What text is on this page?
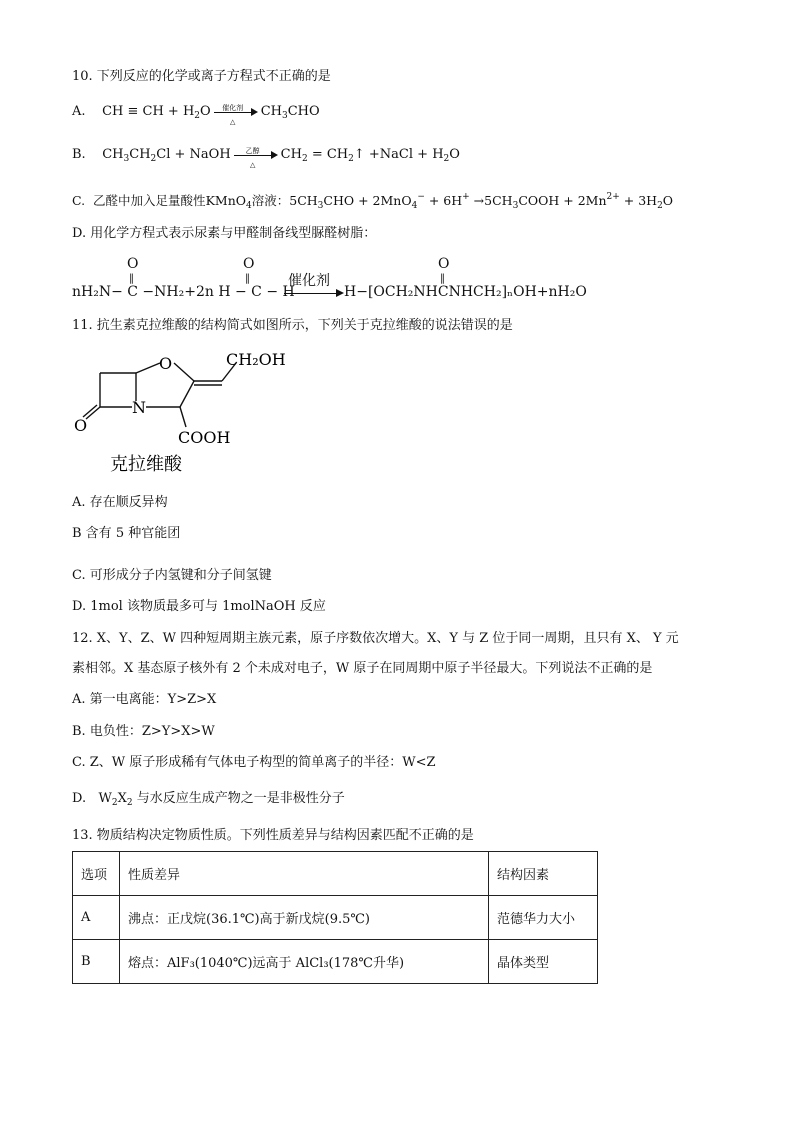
10. 下列反应的化学或离子方程式不正确的是
A. CH ≡ CH + $H_2O$	催化剂
△
$CH_3CHO$
B. $CH_3CH_2Cl$ + NaOH	乙醇
△
$CH_2$ = $CH_2↑$ +NaCl + $H_2O$
C. 乙醛中加入足量酸性KMnO$_4$溶液：$5CH_3CHO + 2MnO_4^- + 6H^+$ $\to 5CH_3COOH + 2Mn^{2+} + 3H_2O$
D. 用化学方程式表示尿素与甲醛制备线型脲醛树脂：
O
‖
O
‖
O
‖
nH₂N− C −NH₂+2n H − C − H
催化剂
H−[OCH₂NHCNHCH₂]ₙOH+nH₂O
11. 抗生素克拉维酸的结构简式如图所示，下列关于克拉维酸的说法错误的是
O	CH₂OH
N
O
COOH
克拉维酸
A. 存在顺反异构
B 含有 5 种官能团
C. 可形成分子内氢键和分子间氢键
D. 1mol 该物质最多可与 1molNaOH 反应
12. X、Y、Z、W 四种短周期主族元素，原子序数依次增大。X、Y 与 Z 位于同一周期，且只有 X、 Y 元
素相邻。X 基态原子核外有 2 个未成对电子，W 原子在同周期中原子半径最大。下列说法不正确的是
A. 第一电离能：Y>Z>X
B. 电负性：Z>Y>X>W
C. Z、W 原子形成稀有气体电子构型的简单离子的半径：W<Z
D. $W_2X_2$ 与水反应生成产物之一是非极性分子
13. 物质结构决定物质性质。下列性质差异与结构因素匹配不正确的是
选项	性质差异	结构因素
A	沸点：正戊烷(36.1℃)高于新戊烷(9.5℃)	范德华力大小
B	熔点：AlF₃(1040℃)远高于 AlCl₃(178℃升华)	晶体类型
